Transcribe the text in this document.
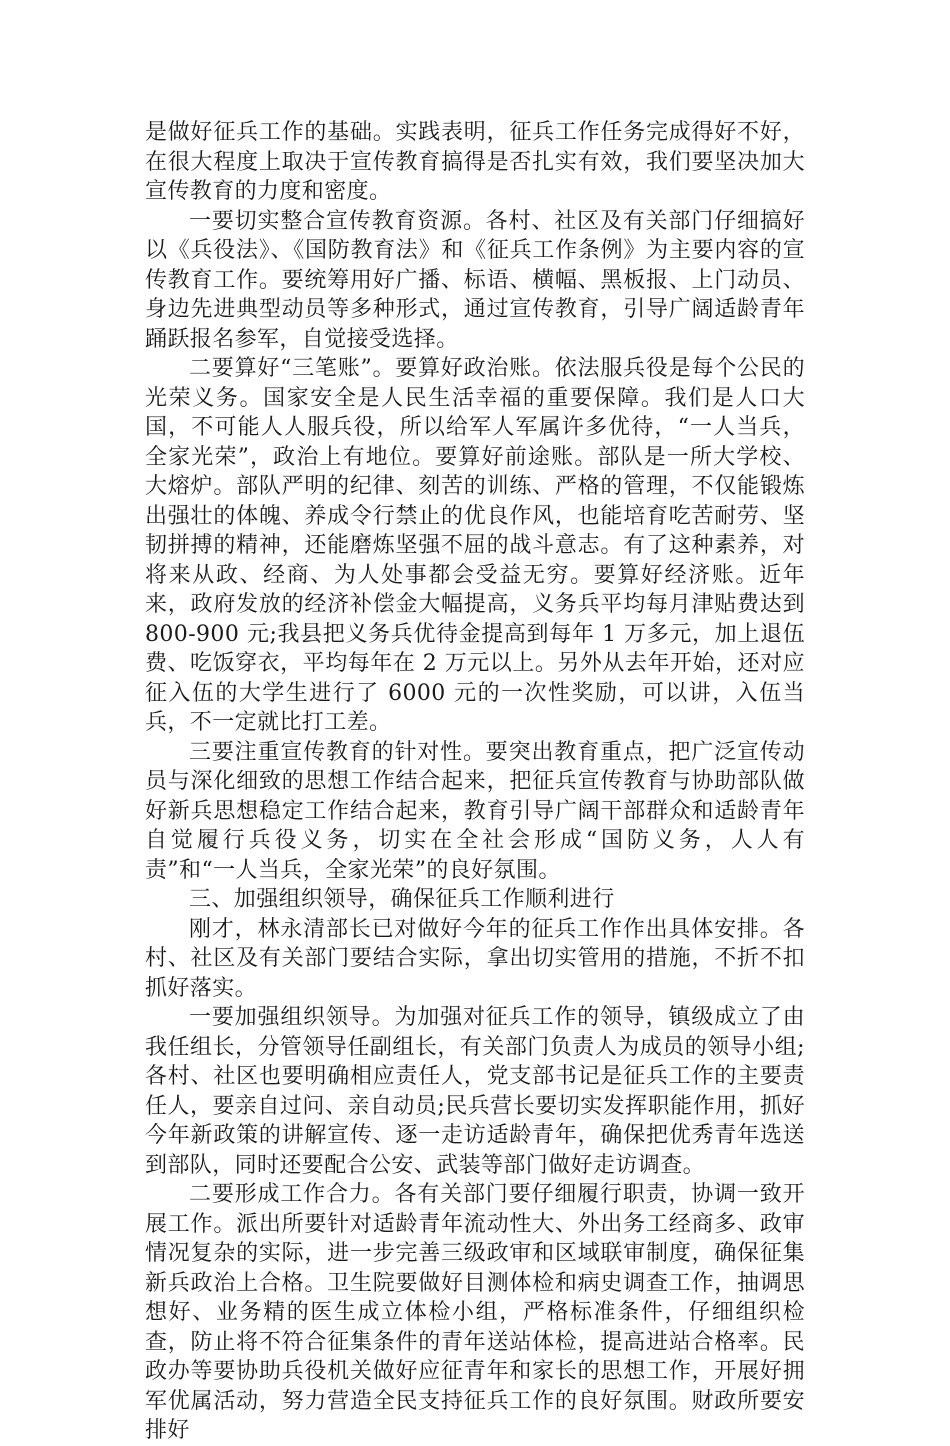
是做好征兵工作的基础。实践表明，征兵工作任务完成得好不好，在很大程度上取决于宣传教育搞得是否扎实有效，我们要坚决加大宣传教育的力度和密度。

一要切实整合宣传教育资源。各村、社区及有关部门仔细搞好以《兵役法》、《国防教育法》和《征兵工作条例》为主要内容的宣传教育工作。要统筹用好广播、标语、横幅、黑板报、上门动员、身边先进典型动员等多种形式，通过宣传教育，引导广阔适龄青年踊跃报名参军，自觉接受选择。

二要算好“三笔账”。要算好政治账。依法服兵役是每个公民的光荣义务。国家安全是人民生活幸福的重要保障。我们是人口大国，不可能人人服兵役，所以给军人军属许多优待，“一人当兵，全家光荣”，政治上有地位。要算好前途账。部队是一所大学校、大熔炉。部队严明的纪律、刻苦的训练、严格的管理，不仅能锻炼出强壮的体魄、养成令行禁止的优良作风，也能培育吃苦耐劳、坚韧拼搏的精神，还能磨炼坚强不屈的战斗意志。有了这种素养，对将来从政、经商、为人处事都会受益无穷。要算好经济账。近年来，政府发放的经济补偿金大幅提高，义务兵平均每月津贴费达到 800-900 元;我县把义务兵优待金提高到每年 1 万多元，加上退伍费、吃饭穿衣，平均每年在 2 万元以上。另外从去年开始，还对应征入伍的大学生进行了 6000 元的一次性奖励，可以讲，入伍当兵，不一定就比打工差。

三要注重宣传教育的针对性。要突出教育重点，把广泛宣传动员与深化细致的思想工作结合起来，把征兵宣传教育与协助部队做好新兵思想稳定工作结合起来，教育引导广阔干部群众和适龄青年自觉履行兵役义务，切实在全社会形成“国防义务，人人有责”和“一人当兵，全家光荣”的良好氛围。

三、加强组织领导，确保征兵工作顺利进行

刚才，林永清部长已对做好今年的征兵工作作出具体安排。各村、社区及有关部门要结合实际，拿出切实管用的措施，不折不扣抓好落实。

一要加强组织领导。为加强对征兵工作的领导，镇级成立了由我任组长，分管领导任副组长，有关部门负责人为成员的领导小组;各村、社区也要明确相应责任人，党支部书记是征兵工作的主要责任人，要亲自过问、亲自动员;民兵营长要切实发挥职能作用，抓好今年新政策的讲解宣传、逐一走访适龄青年，确保把优秀青年选送到部队，同时还要配合公安、武装等部门做好走访调查。

二要形成工作合力。各有关部门要仔细履行职责，协调一致开展工作。派出所要针对适龄青年流动性大、外出务工经商多、政审情况复杂的实际，进一步完善三级政审和区域联审制度，确保征集新兵政治上合格。卫生院要做好目测体检和病史调查工作，抽调思想好、业务精的医生成立体检小组，严格标准条件，仔细组织检查，防止将不符合征集条件的青年送站体检，提高进站合格率。民政办等要协助兵役机关做好应征青年和家长的思想工作，开展好拥军优属活动，努力营造全民支持征兵工作的良好氛围。财政所要安排好
